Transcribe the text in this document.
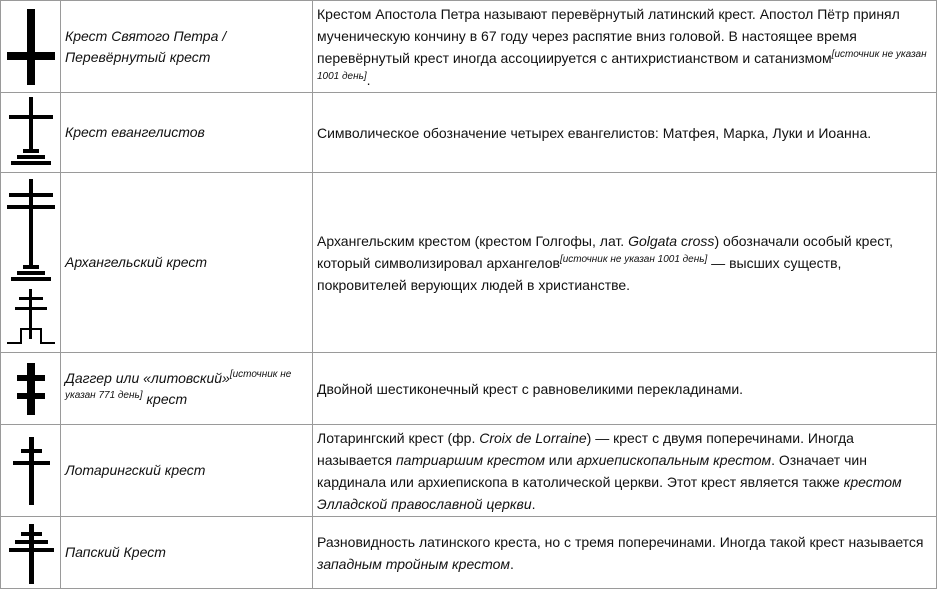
	Крест Святого Петра / Перевёрнутый крест	Крестом Апостола Петра называют перевёрнутый латинский крест. Апостол Пётр принял мученическую кончину в 67 году через распятие вниз головой. В настоящее время перевёрнутый крест иногда ассоциируется с антихристианством и сатанизмом[источник не указан 1001 день].

	Крест евангелистов	Символическое обозначение четырех евангелистов: Матфея, Марка, Луки и Иоанна.

	Архангельский крест	Архангельским крестом (крестом Голгофы, лат. Golgata cross) обозначали особый крест, который символизировал архангелов[источник не указан 1001 день] — высших существ, покровителей верующих людей в христианстве.

	Даггер или «литовский»[источник не указан 771 день] крест	Двойной шестиконечный крест с равновеликими перекладинами.

	Лотарингский крест	Лотарингский крест (фр. Croix de Lorraine) — крест с двумя поперечинами. Иногда называется патриаршим крестом или архиепископальным крестом. Означает чин кардинала или архиепископа в католической церкви. Этот крест является также крестом Элладской православной церкви.

	Папский Крест	Разновидность латинского креста, но с тремя поперечинами. Иногда такой крест называется западным тройным крестом.
